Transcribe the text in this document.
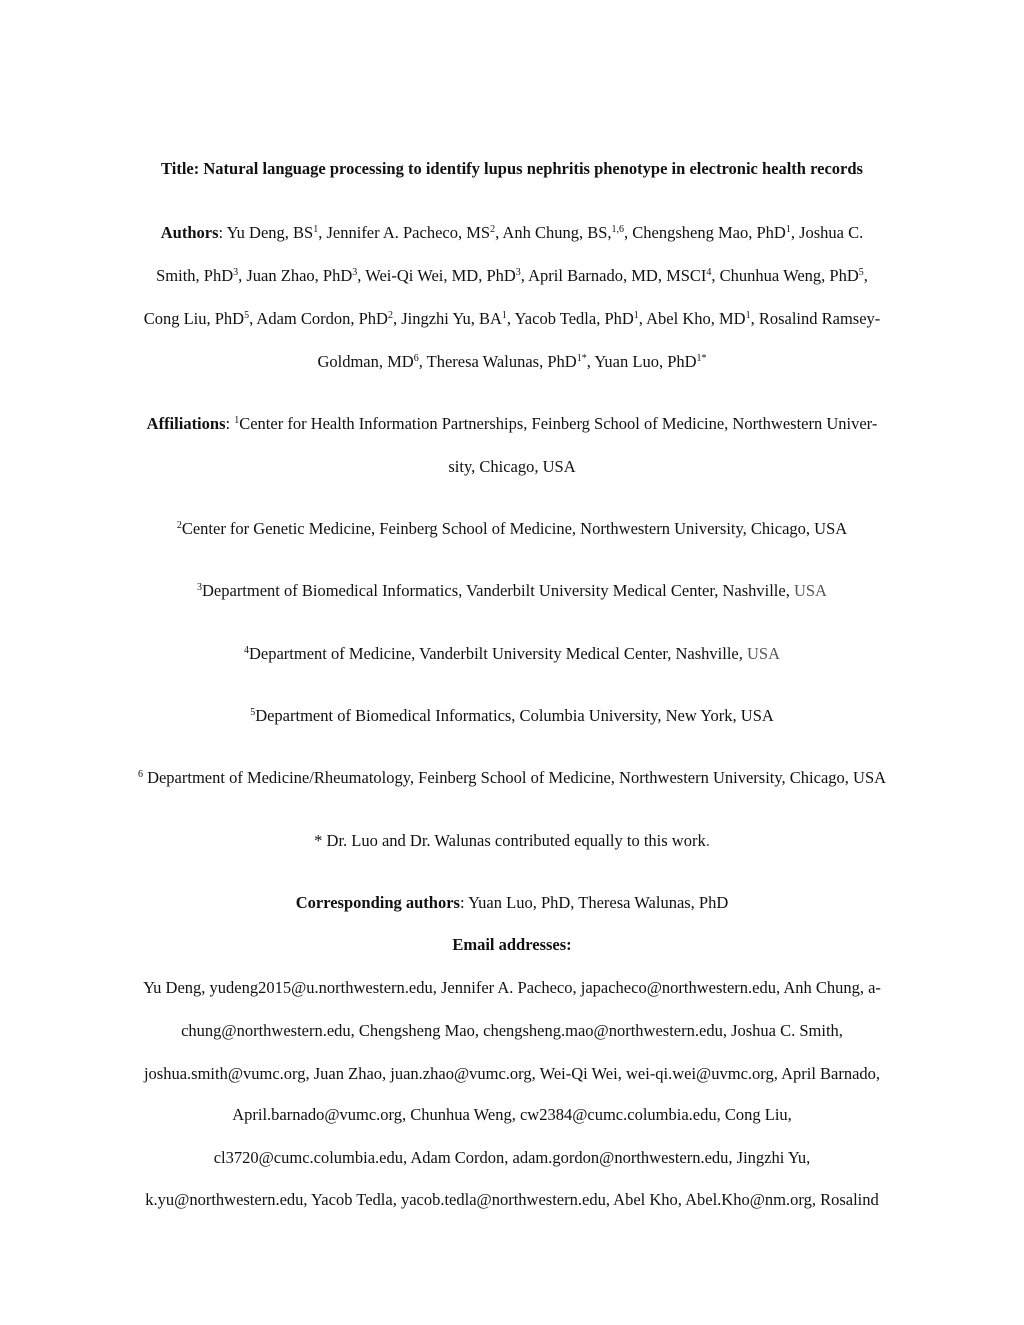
Title: Natural language processing to identify lupus nephritis phenotype in electronic health records
Authors: Yu Deng, $BS^1$, Jennifer A. Pacheco, $MS^2$, Anh Chung, BS,$^{1,6}$, Chengsheng Mao, PhD$^1$, Joshua C.
Smith, PhD$^3$, Juan Zhao, PhD$^3$, Wei-Qi Wei, MD, PhD$^3$, April Barnado, MD, MSCI$^4$, Chunhua Weng, PhD$^5$,
Cong Liu, PhD$^5$, Adam Cordon, PhD$^2$, Jingzhi Yu, $BA^1$, Yacob Tedla, PhD$^1$, Abel Kho, $MD^1$, Rosalind Ramsey-
Goldman, $MD^6$, Theresa Walunas, PhD$^{1*}$, Yuan Luo, PhD$^{1*}$
Affiliations: $^1$Center for Health Information Partnerships, Feinberg School of Medicine, Northwestern Univer-
sity, Chicago, USA
$^2$Center for Genetic Medicine, Feinberg School of Medicine, Northwestern University, Chicago, USA
$^3$Department of Biomedical Informatics, Vanderbilt University Medical Center, Nashville, USA
$^4$Department of Medicine, Vanderbilt University Medical Center, Nashville, USA
$^5$Department of Biomedical Informatics, Columbia University, New York, USA
$^6$ Department of Medicine/Rheumatology, Feinberg School of Medicine, Northwestern University, Chicago, USA
* Dr. Luo and Dr. Walunas contributed equally to this work.
Corresponding authors: Yuan Luo, PhD, Theresa Walunas, PhD
Email addresses:
Yu Deng, yudeng2015@u.northwestern.edu, Jennifer A. Pacheco, japacheco@northwestern.edu, Anh Chung, a-
chung@northwestern.edu, Chengsheng Mao, chengsheng.mao@northwestern.edu, Joshua C. Smith,
joshua.smith@vumc.org, Juan Zhao, juan.zhao@vumc.org, Wei-Qi Wei, wei-qi.wei@uvmc.org, April Barnado,
April.barnado@vumc.org, Chunhua Weng, cw2384@cumc.columbia.edu, Cong Liu,
cl3720@cumc.columbia.edu, Adam Cordon, adam.gordon@northwestern.edu, Jingzhi Yu,
k.yu@northwestern.edu, Yacob Tedla, yacob.tedla@northwestern.edu, Abel Kho, Abel.Kho@nm.org, Rosalind
